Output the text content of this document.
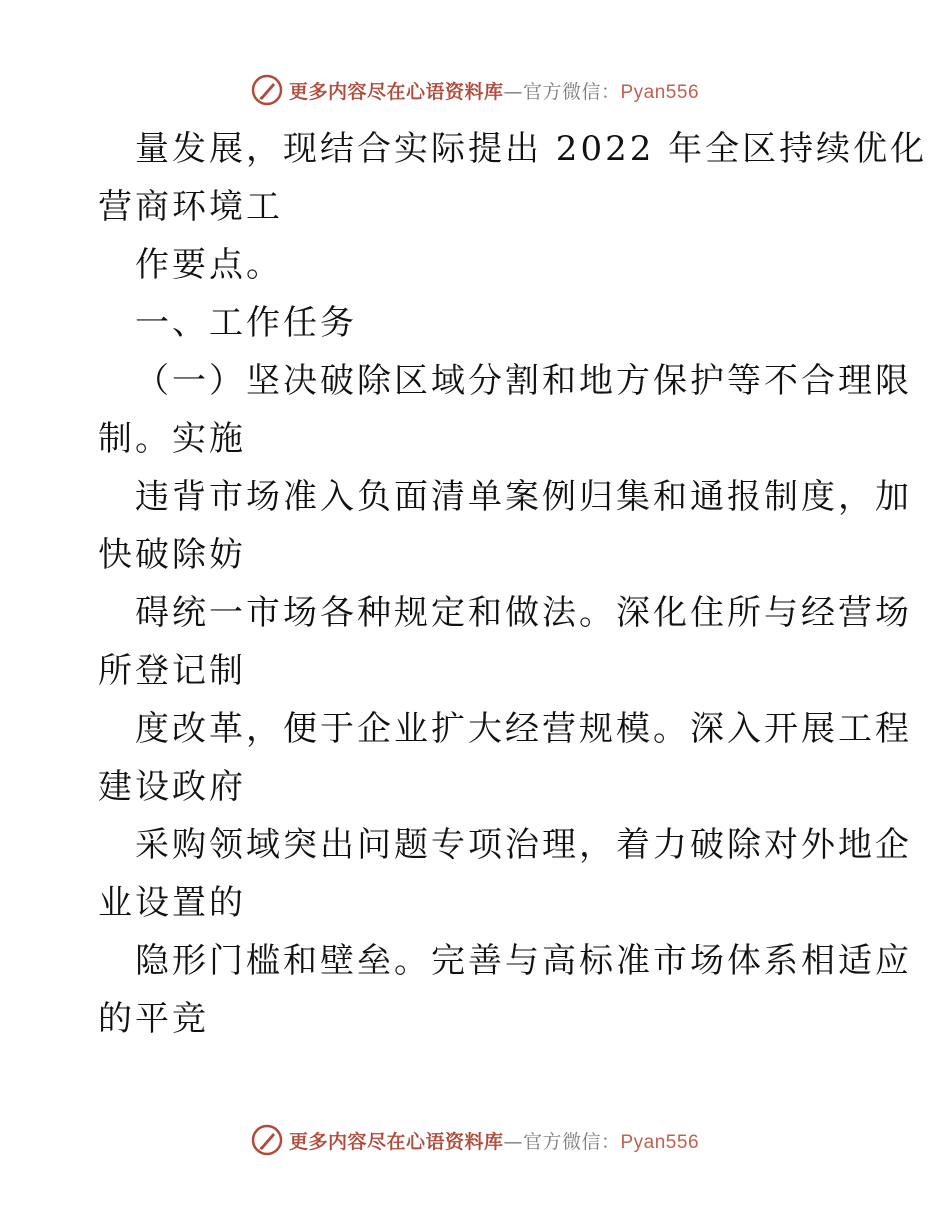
更多内容尽在心语资料库—官方微信：Pyan556
量发展，现结合实际提出 2022 年全区持续优化
营商环境工
作要点。
一、工作任务
（一）坚决破除区域分割和地方保护等不合理限
制。实施
违背市场准入负面清单案例归集和通报制度，加
快破除妨
碍统一市场各种规定和做法。深化住所与经营场
所登记制
度改革，便于企业扩大经营规模。深入开展工程
建设政府
采购领域突出问题专项治理，着力破除对外地企
业设置的
隐形门槛和壁垒。完善与高标准市场体系相适应
的平竞
更多内容尽在心语资料库—官方微信：Pyan556
